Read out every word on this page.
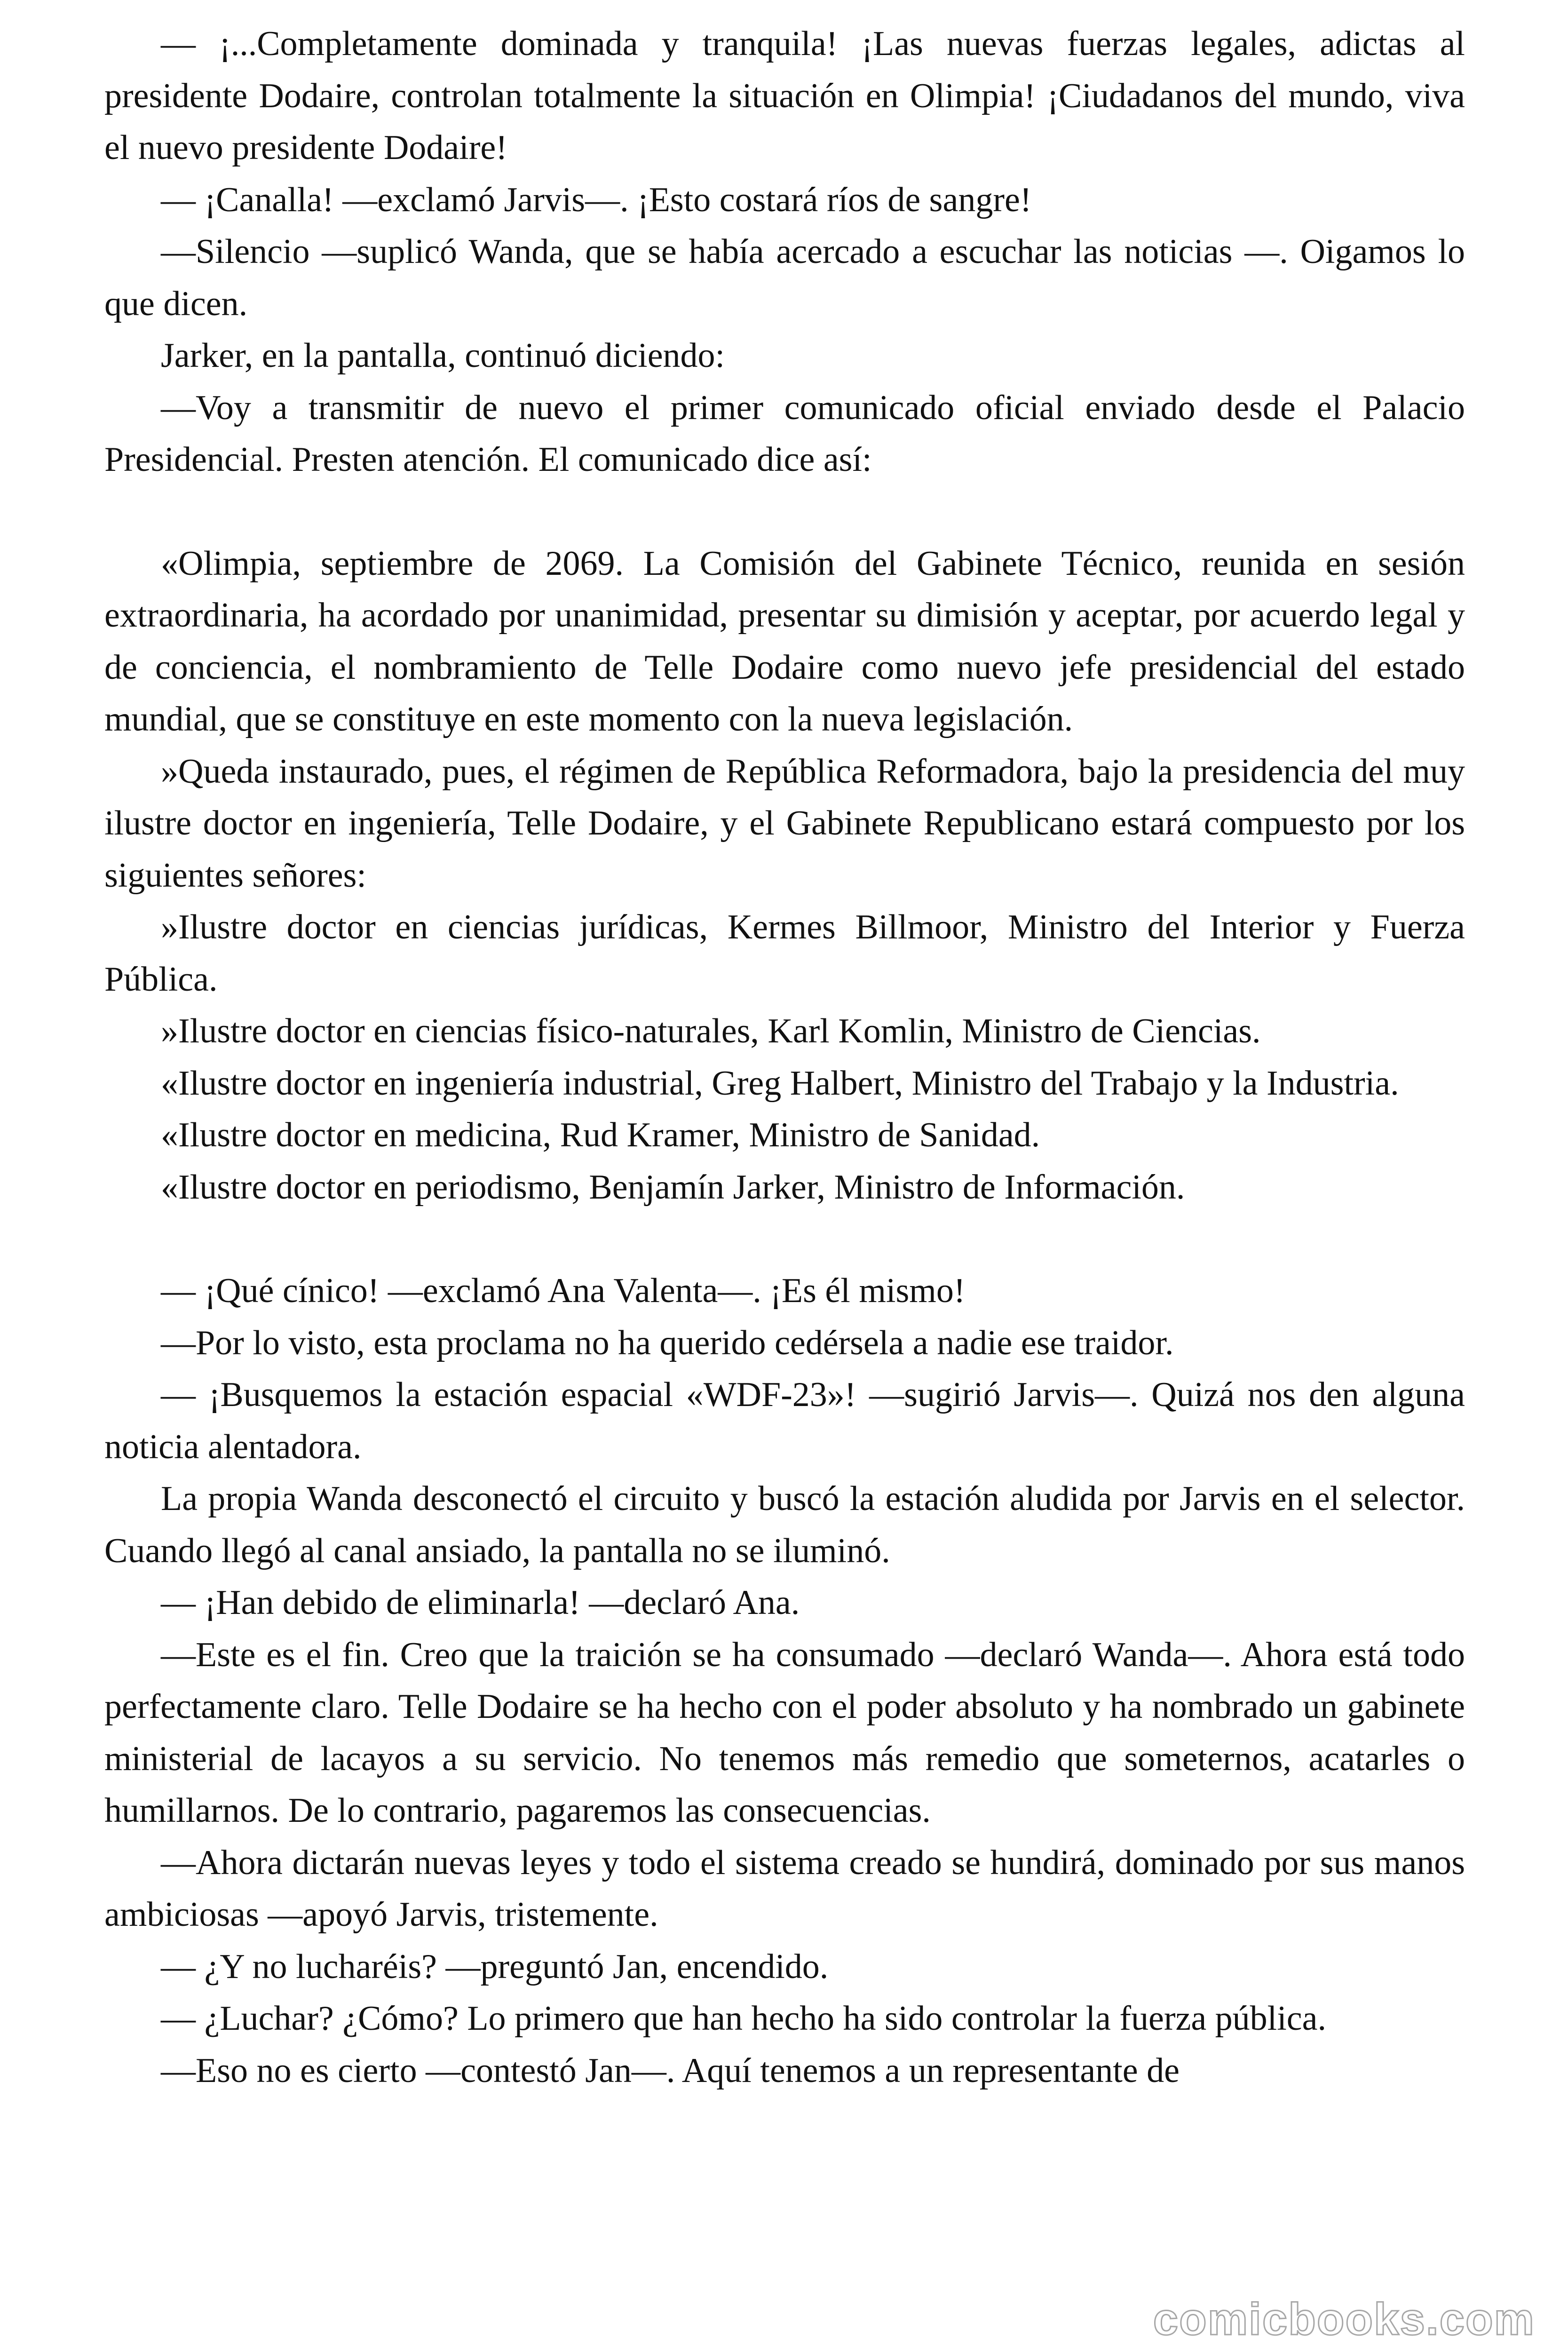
— ¡...Completamente dominada y tranquila! ¡Las nuevas fuerzas legales, adictas al presidente Dodaire, controlan totalmente la situación en Olimpia! ¡Ciudadanos del mundo, viva el nuevo presidente Dodaire!

— ¡Canalla! —exclamó Jarvis—. ¡Esto costará ríos de sangre!

—Silencio —suplicó Wanda, que se había acercado a escuchar las noticias —. Oigamos lo que dicen.

Jarker, en la pantalla, continuó diciendo:

—Voy a transmitir de nuevo el primer comunicado oficial enviado desde el Palacio Presidencial. Presten atención. El comunicado dice así:

«Olimpia, septiembre de 2069. La Comisión del Gabinete Técnico, reunida en sesión extraordinaria, ha acordado por unanimidad, presentar su dimisión y aceptar, por acuerdo legal y de conciencia, el nombramiento de Telle Dodaire como nuevo jefe presidencial del estado mundial, que se constituye en este momento con la nueva legislación.

»Queda instaurado, pues, el régimen de República Reformadora, bajo la presidencia del muy ilustre doctor en ingeniería, Telle Dodaire, y el Gabinete Republicano estará compuesto por los siguientes señores:

»Ilustre doctor en ciencias jurídicas, Kermes Billmoor, Ministro del Interior y Fuerza Pública.

»Ilustre doctor en ciencias físico-naturales, Karl Komlin, Ministro de Ciencias.

«Ilustre doctor en ingeniería industrial, Greg Halbert, Ministro del Trabajo y la Industria.

«Ilustre doctor en medicina, Rud Kramer, Ministro de Sanidad.

«Ilustre doctor en periodismo, Benjamín Jarker, Ministro de Información.

— ¡Qué cínico! —exclamó Ana Valenta—. ¡Es él mismo!

—Por lo visto, esta proclama no ha querido cedérsela a nadie ese traidor.

— ¡Busquemos la estación espacial «WDF-23»! —sugirió Jarvis—. Quizá nos den alguna noticia alentadora.

La propia Wanda desconectó el circuito y buscó la estación aludida por Jarvis en el selector. Cuando llegó al canal ansiado, la pantalla no se iluminó.

— ¡Han debido de eliminarla! —declaró Ana.

—Este es el fin. Creo que la traición se ha consumado —declaró Wanda—. Ahora está todo perfectamente claro. Telle Dodaire se ha hecho con el poder absoluto y ha nombrado un gabinete ministerial de lacayos a su servicio. No tenemos más remedio que someternos, acatarles o humillarnos. De lo contrario, pagaremos las consecuencias.

—Ahora dictarán nuevas leyes y todo el sistema creado se hundirá, dominado por sus manos ambiciosas —apoyó Jarvis, tristemente.

— ¿Y no lucharéis? —preguntó Jan, encendido.

— ¿Luchar? ¿Cómo? Lo primero que han hecho ha sido controlar la fuerza pública.

—Eso no es cierto —contestó Jan—. Aquí tenemos a un representante de

comicbooks.com
